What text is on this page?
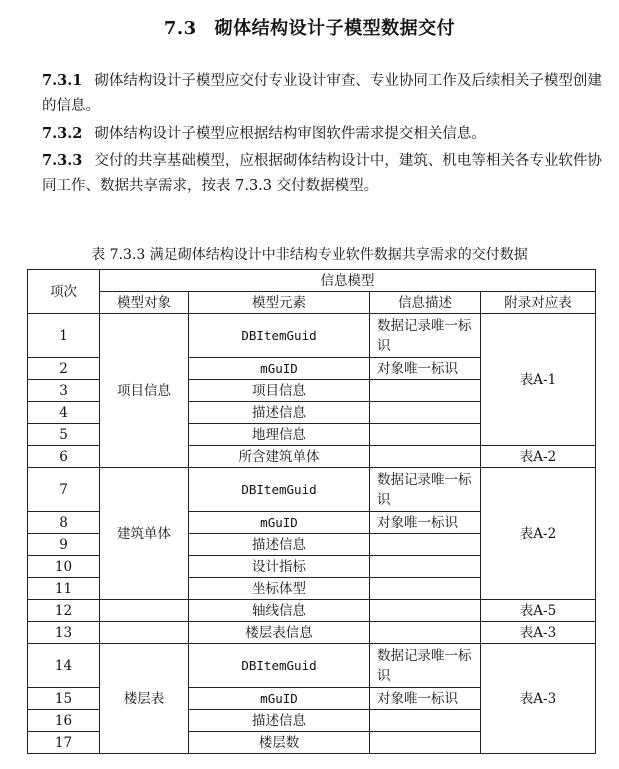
7.3 砌体结构设计子模型数据交付
7.3.1 砌体结构设计子模型应交付专业设计审查、专业协同工作及后续相关子模型创建的信息。
7.3.2 砌体结构设计子模型应根据结构审图软件需求提交相关信息。
7.3.3 交付的共享基础模型，应根据砌体结构设计中，建筑、机电等相关各专业软件协同工作、数据共享需求，按表 7.3.3 交付数据模型。
表 7.3.3 满足砌体结构设计中非结构专业软件数据共享需求的交付数据
项次	信息模型			
	模型对象	模型元素	信息描述	附录对应表
1	项目信息	DBItemGuid	数据记录唯一标识	表A-1
2		mGuID	对象唯一标识	
3		项目信息		
4		描述信息		
5		地理信息		
6		所含建筑单体		表A-2
7	建筑单体	DBItemGuid	数据记录唯一标识	表A-2
8		mGuID	对象唯一标识	
9		描述信息		
10		设计指标		
11		坐标体型		
12		轴线信息		表A-5
13		楼层表信息		表A-3
14	楼层表	DBItemGuid	数据记录唯一标识	表A-3
15		mGuID	对象唯一标识	
16		描述信息		
17		楼层数		
